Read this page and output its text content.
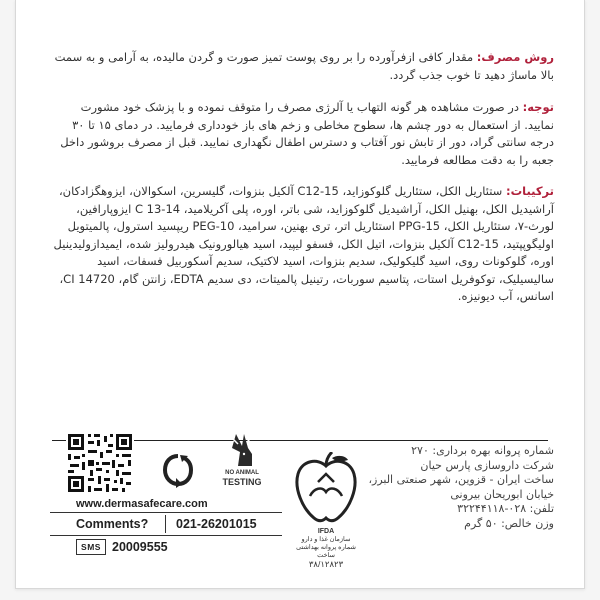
روش مصرف: مقدار کافی ازفرآورده را بر روی پوست تمیز صورت و گردن مالیده، به آرامی و به سمت بالا ماساژ دهید تا خوب جذب گردد.

توجه: در صورت مشاهده هر گونه التهاب یا آلرژی مصرف را متوقف نموده و با پزشک خود مشورت نمایید. از استعمال به دور چشم ها، سطوح مخاطی و زخم های باز خودداری فرمایید. در دمای ۱۵ تا ۳۰ درجه سانتی گراد، دور از تابش نور آفتاب و دسترس اطفال نگهداری نمایید. قبل از مصرف بروشور داخل جعبه را به دقت مطالعه فرمایید.

ترکیبات: ستئاریل الکل، ستئاریل گلوکوزاید، C12-15 آلکیل بنزوات، گلیسرین، اسکوالان، ایزوهگزادکان، آراشیدیل الکل، بهنیل الکل، آراشیدیل گلوکوزاید، شی باتر، اوره، پلی آکریلامید، C 13-14 ایزوپارافین، لورث-۷، ستئاریل الکل، PPG-15 استئاریل اتر، تری بهنین، سرامید، PEG-10 ریپسید استرول، پالمیتویل اولیگوپپتید، C12-15 آلکیل بنزوات، اتیل الکل، فسفو لیپید، اسید هیالورونیک هیدرولیز شده، ایمیدازولیدینیل اوره، گلوکونات روی، اسید گلیکولیک، سدیم بنزوات، اسید لاکتیک، سدیم آسکوربیل فسفات، اسید سالیسیلیک، توکوفریل استات، پتاسیم سوربات، رتینیل پالمیتات، دی سدیم EDTA، زانتن گام، CI 14720، اسانس، آب دیونیزه.

NO ANIMAL
TESTING
IFDA
سازمان غذا و دارو
شماره پروانه بهداشتی ساخت
۳۸/۱۲۸۲۳

شماره پروانه بهره برداری: ۲۷۰

شرکت داروسازی پارس حیان

ساخت ایران - قزوین، شهر صنعتی البرز،

خیابان ابوریحان بیرونی

تلفن: ۰۲۸-۳۲۲۴۴۱۱۸

وزن خالص: ۵۰ گرم

www.dermasafecare.com
Comments?	021-26201015
SMS 20009555
